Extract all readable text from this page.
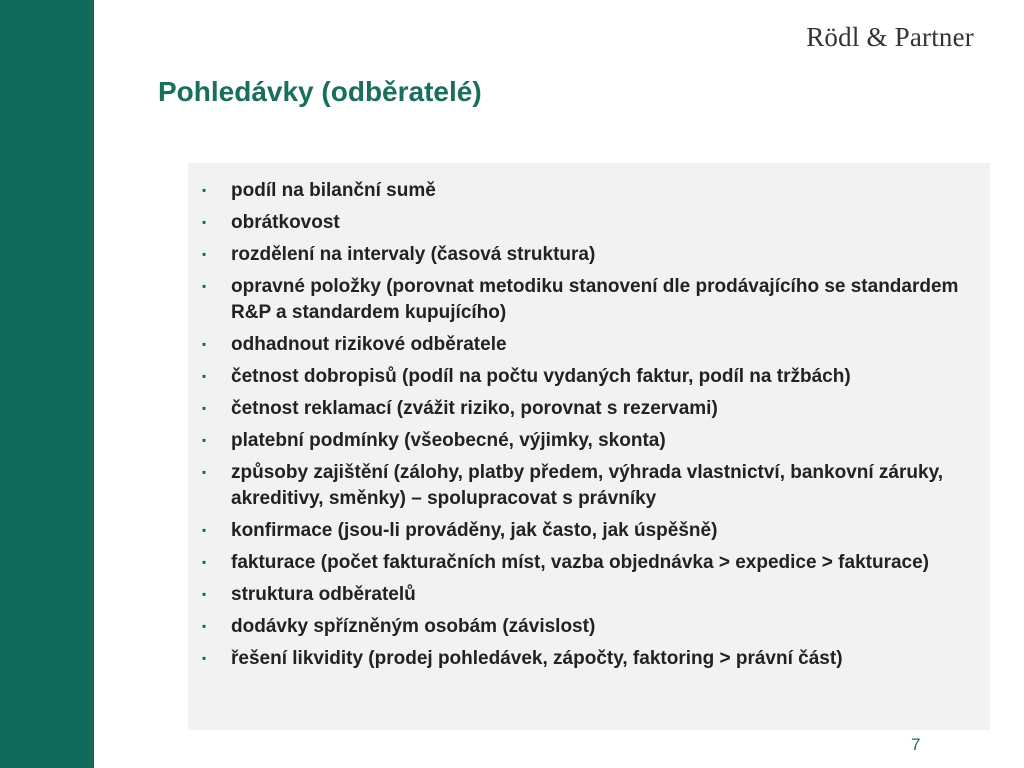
Rödl & Partner
Pohledávky (odběratelé)
▪	podíl na bilanční sumě
▪	obrátkovost
▪	rozdělení na intervaly (časová struktura)
▪	opravné položky (porovnat metodiku stanovení dle prodávajícího se standardem R&P a standardem kupujícího)
▪	odhadnout rizikové odběratele
▪	četnost dobropisů (podíl na počtu vydaných faktur, podíl na tržbách)
▪	četnost reklamací (zvážit riziko, porovnat s rezervami)
▪	platební podmínky (všeobecné, výjimky, skonta)
▪	způsoby zajištění (zálohy, platby předem, výhrada vlastnictví, bankovní záruky, akreditivy, směnky) – spolupracovat s právníky
▪	konfirmace (jsou-li prováděny, jak často, jak úspěšně)
▪	fakturace (počet fakturačních míst, vazba objednávka > expedice > fakturace)
▪	struktura odběratelů
▪	dodávky spřízněným osobám (závislost)
▪	řešení likvidity (prodej pohledávek, zápočty, faktoring > právní část)
7
